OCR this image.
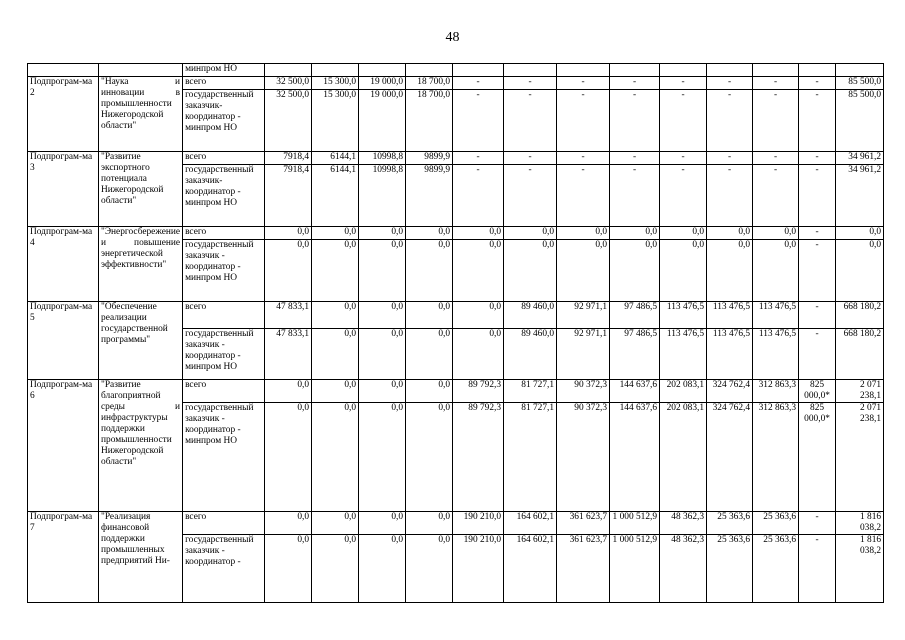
48
		минпром НО													
Подпрограм-ма 2	"Наука и инновации в промышленности Нижегородской области"	всего	32 500,0	15 300,0	19 000,0	18 700,0	-	-	-	-	-	-	-	-	85 500,0
		государственный заказчик-координатор - минпром НО	32 500,0	15 300,0	19 000,0	18 700,0	-	-	-	-	-	-	-	-	85 500,0
Подпрограм-ма 3	"Развитие экспортного потенциала Нижегородской области"	всего	7918,4	6144,1	10998,8	9899,9	-	-	-	-	-	-	-	-	34 961,2
		государственный заказчик-координатор - минпром НО	7918,4	6144,1	10998,8	9899,9	-	-	-	-	-	-	-	-	34 961,2
Подпрограм-ма 4	"Энергосбережение и повышение энергетической эффективности"	всего	0,0	0,0	0,0	0,0	0,0	0,0	0,0	0,0	0,0	0,0	0,0	-	0,0
		государственный заказчик - координатор - минпром НО	0,0	0,0	0,0	0,0	0,0	0,0	0,0	0,0	0,0	0,0	0,0	-	0,0
Подпрограм-ма 5	"Обеспечение реализации государственной программы"	всего	47 833,1	0,0	0,0	0,0	0,0	89 460,0	92 971,1	97 486,5	113 476,5	113 476,5	113 476,5	-	668 180,2
		государственный заказчик - координатор - минпром НО	47 833,1	0,0	0,0	0,0	0,0	89 460,0	92 971,1	97 486,5	113 476,5	113 476,5	113 476,5	-	668 180,2
Подпрограм-ма 6	"Развитие благоприятной среды и инфраструктуры поддержки промышленности Нижегородской области"	всего	0,0	0,0	0,0	0,0	89 792,3	81 727,1	90 372,3	144 637,6	202 083,1	324 762,4	312 863,3	825 000,0*	2 071 238,1
		государственный заказчик - координатор - минпром НО	0,0	0,0	0,0	0,0	89 792,3	81 727,1	90 372,3	144 637,6	202 083,1	324 762,4	312 863,3	825 000,0*	2 071 238,1
Подпрограм-ма 7	"Реализация финансовой поддержки промышленных предприятий Ни-	всего	0,0	0,0	0,0	0,0	190 210,0	164 602,1	361 623,7	1 000 512,9	48 362,3	25 363,6	25 363,6	-	1 816 038,2
		государственный заказчик - координатор -	0,0	0,0	0,0	0,0	190 210,0	164 602,1	361 623,7	1 000 512,9	48 362,3	25 363,6	25 363,6	-	1 816 038,2
